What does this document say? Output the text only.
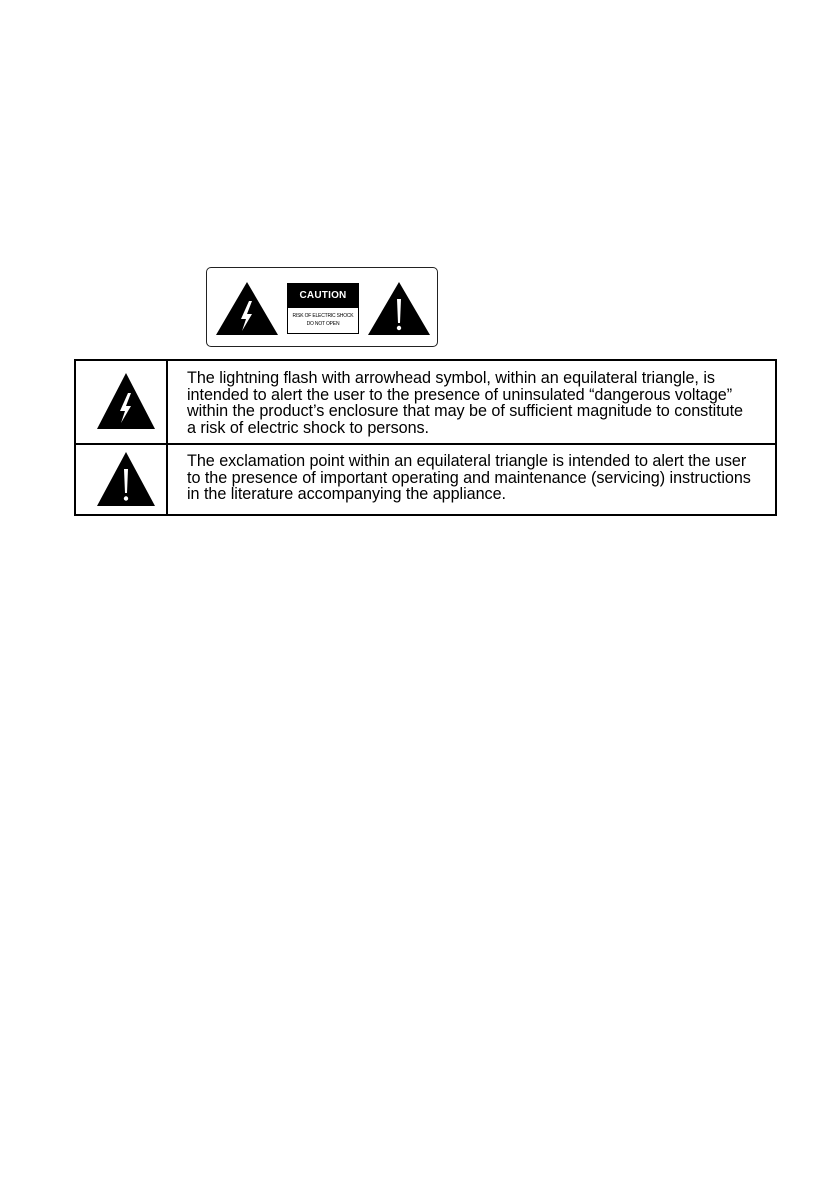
CAUTION
RISK OF ELECTRIC SHOCK
DO NOT OPEN
The lightning flash with arrowhead symbol, within an equilateral triangle, is
intended to alert the user to the presence of uninsulated “dangerous voltage”
within the product’s enclosure that may be of sufficient magnitude to constitute
a risk of electric shock to persons.
The exclamation point within an equilateral triangle is intended to alert the user
to the presence of important operating and maintenance (servicing) instructions
in the literature accompanying the appliance.
